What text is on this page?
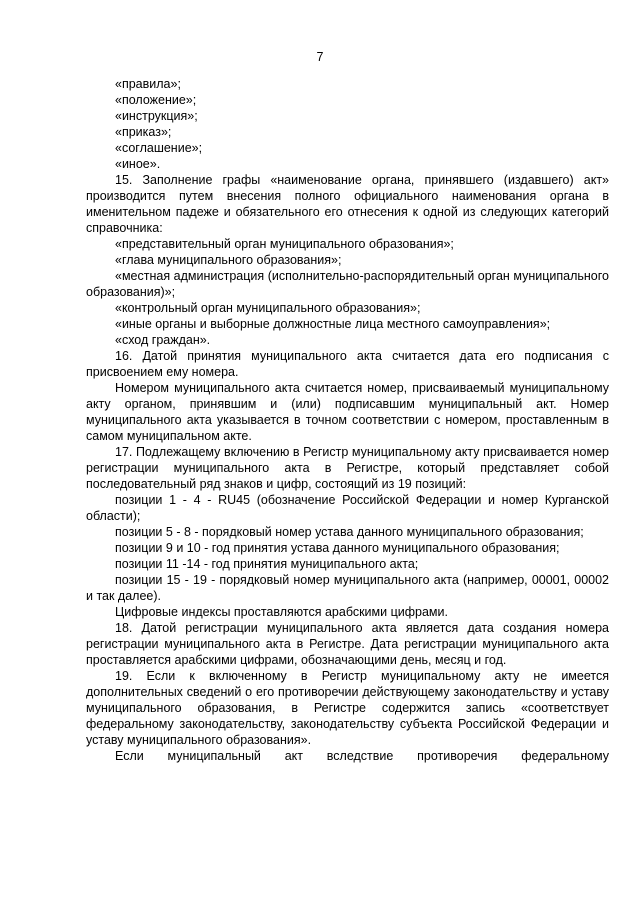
7

«правила»;

«положение»;

«инструкция»;

«приказ»;

«соглашение»;

«иное».

15. Заполнение графы «наименование органа, принявшего (издавшего) акт» производится путем внесения полного официального наименования органа в именительном падеже и обязательного его отнесения к одной из следующих категорий справочника:

«представительный орган муниципального образования»;

«глава муниципального образования»;

«местная администрация (исполнительно-распорядительный орган муниципального образования)»;

«контрольный орган муниципального образования»;

«иные органы и выборные должностные лица местного самоуправления»;

«сход граждан».

16. Датой принятия муниципального акта считается дата его подписания с присвоением ему номера.

Номером муниципального акта считается номер, присваиваемый муниципальному акту органом, принявшим и (или) подписавшим муниципальный акт. Номер муниципального акта указывается в точном соответствии с номером, проставленным в самом муниципальном акте.

17. Подлежащему включению в Регистр муниципальному акту присваивается номер регистрации муниципального акта в Регистре, который представляет собой последовательный ряд знаков и цифр, состоящий из 19 позиций:

позиции 1 - 4 - RU45 (обозначение Российской Федерации и номер Курганской области);

позиции 5 - 8 - порядковый номер устава данного муниципального образования;

позиции 9 и 10 - год принятия устава данного муниципального образования;

позиции 11 -14 - год принятия муниципального акта;

позиции 15 - 19 - порядковый номер муниципального акта (например, 00001, 00002 и так далее).

Цифровые индексы проставляются арабскими цифрами.

18. Датой регистрации муниципального акта является дата создания номера регистрации муниципального акта в Регистре. Дата регистрации муниципального акта проставляется арабскими цифрами, обозначающими день, месяц и год.

19. Если к включенному в Регистр муниципальному акту не имеется дополнительных сведений о его противоречии действующему законодательству и уставу муниципального образования, в Регистре содержится запись «соответствует федеральному законодательству, законодательству субъекта Российской Федерации и уставу муниципального образования».

Если муниципальный акт вследствие противоречия федеральному
